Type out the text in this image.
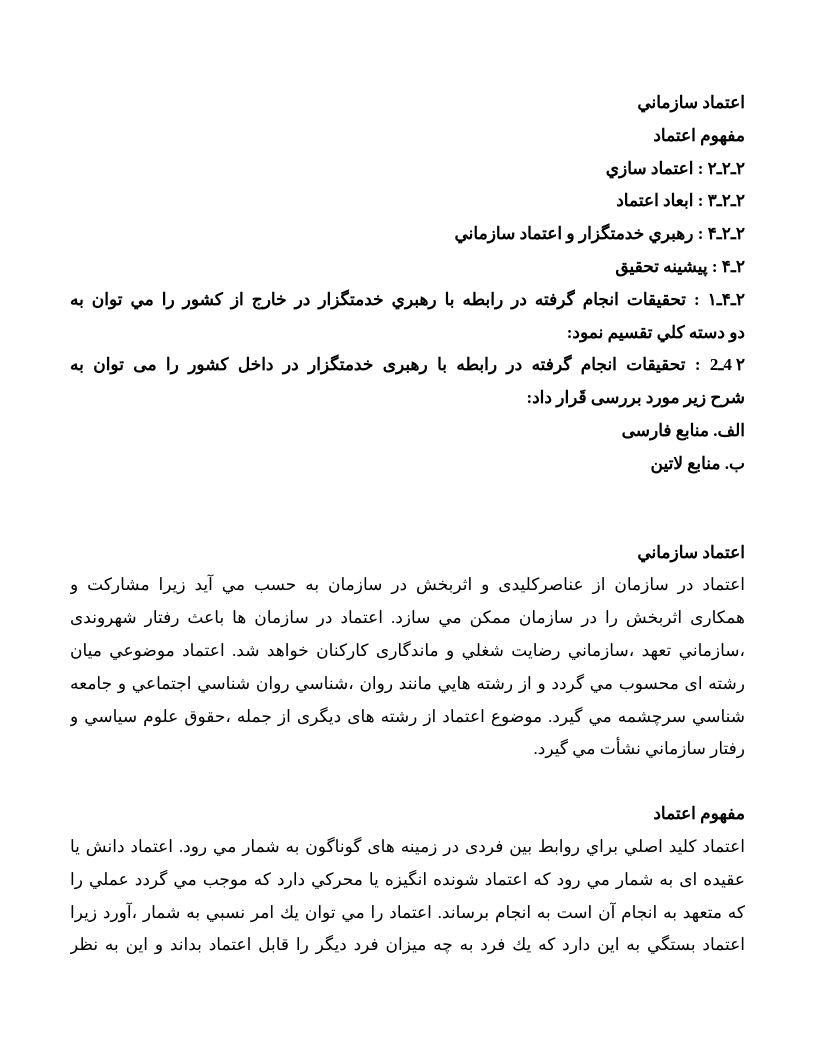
اعتماد سازماني
مفهوم اعتماد
۲ـ۲ـ۲ : اعتماد سازي
۳ـ۲ـ۲ : ابعاد اعتماد
۴ـ۲ـ۲ : رهبري خدمتگزار و اعتماد سازماني
۴ـ۲ : پیشینه تحقیق
۱ـ۴ـ۲ : تحقیقات انجام گرفته در رابطه با رهبري خدمتگزار در خارج از کشور را مي توان به
دو دسته کلي تقسیم نمود:
۲2ـ4 : تحقیقات انجام گرفته در رابطه با رهبری خدمتگزار در داخل کشور را می توان به
شرح زیر مورد بررسی قَرار داد:
الف. منابع فارسی
ب. منابع لاتین
اعتماد سازماني
اعتماد در سازمان از عناصرکلیدی و اثربخش در سازمان به حسب مي آید زیرا مشارکت و
همکاری اثربخش را در سازمان ممکن مي سازد. اعتماد در سازمان ها باعث رفتار شهروندی
،سازماني تعهد ،سازماني رضایت شغلي و ماندگاری کارکنان خواهد شد. اعتماد موضوعي میان
رشته ای محسوب مي گردد و از رشته هايي مانند روان ،شناسي روان شناسي اجتماعي و جامعه
شناسي سرچشمه مي گيرد. موضوع اعتماد از رشته های دیگری از جمله ،حقوق علوم سياسي و
رفتار سازماني نشأت مي گيرد.
مفهوم اعتماد
اعتماد کلید اصلي براي روابط بین فردی در زمینه های گوناگون به شمار مي رود. اعتماد دانش یا
عقیده ای به شمار مي رود که اعتماد شونده انگیزه یا محرکي دارد که موجب مي گردد عملي را
که متعهد به انجام آن است به انجام برساند. اعتماد را مي توان يك امر نسبي به شمار ،آورد زیرا
اعتماد بستگي به این دارد که يك فرد به چه میزان فرد دیگر را قابل اعتماد بداند و این به نظر
